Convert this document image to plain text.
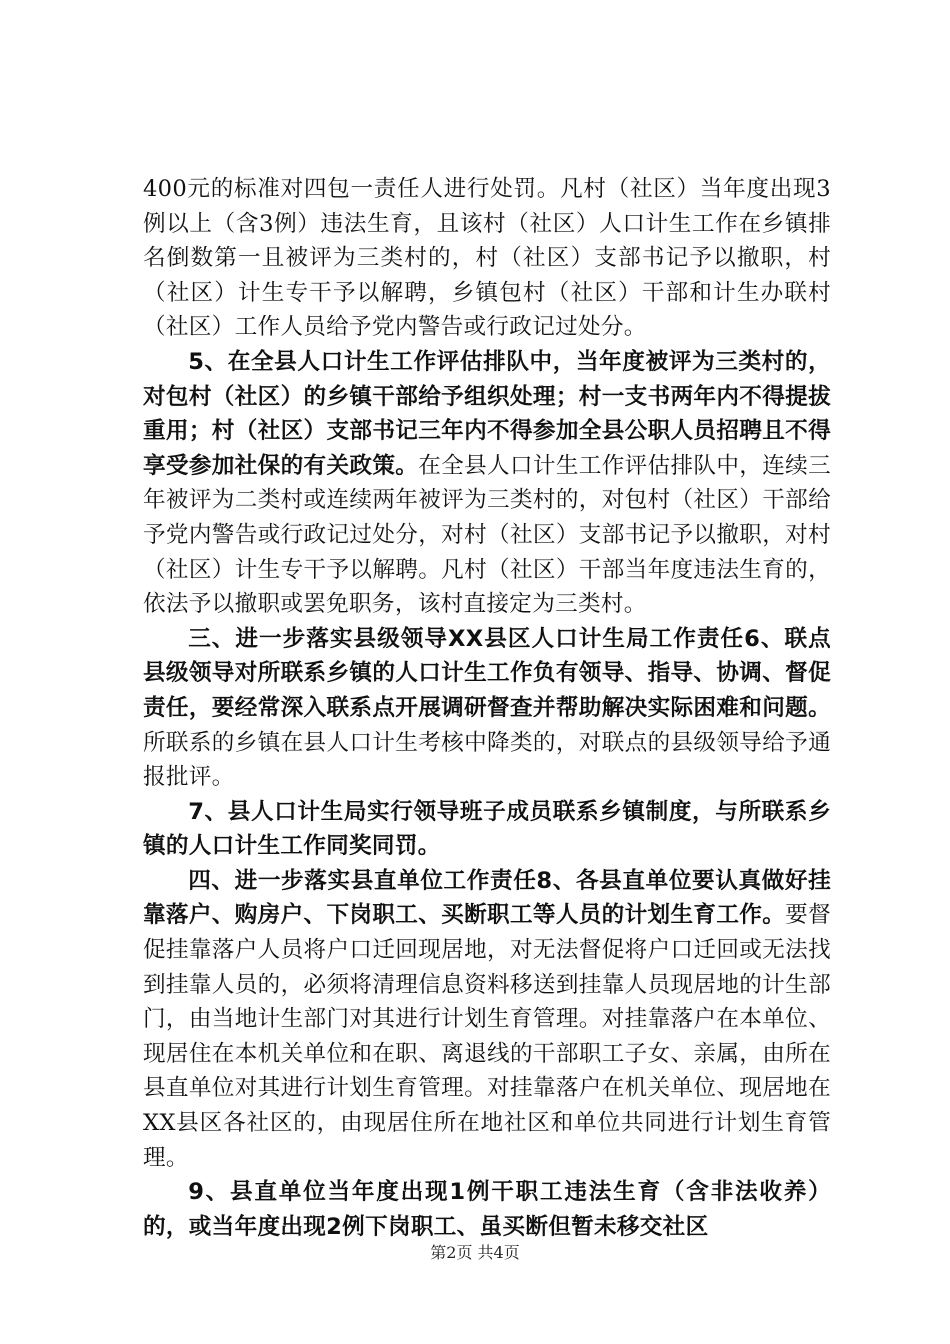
400元的标准对四包一责任人进行处罚。凡村（社区）当年度出现3例以上（含3例）违法生育，且该村（社区）人口计生工作在乡镇排名倒数第一且被评为三类村的，村（社区）支部书记予以撤职，村（社区）计生专干予以解聘，乡镇包村（社区）干部和计生办联村（社区）工作人员给予党内警告或行政记过处分。

5、在全县人口计生工作评估排队中，当年度被评为三类村的，对包村（社区）的乡镇干部给予组织处理；村一支书两年内不得提拔重用；村（社区）支部书记三年内不得参加全县公职人员招聘且不得享受参加社保的有关政策。在全县人口计生工作评估排队中，连续三年被评为二类村或连续两年被评为三类村的，对包村（社区）干部给予党内警告或行政记过处分，对村（社区）支部书记予以撤职，对村（社区）计生专干予以解聘。凡村（社区）干部当年度违法生育的，依法予以撤职或罢免职务，该村直接定为三类村。

三、进一步落实县级领导XX县区人口计生局工作责任6、联点县级领导对所联系乡镇的人口计生工作负有领导、指导、协调、督促责任，要经常深入联系点开展调研督查并帮助解决实际困难和问题。所联系的乡镇在县人口计生考核中降类的，对联点的县级领导给予通报批评。

7、县人口计生局实行领导班子成员联系乡镇制度，与所联系乡镇的人口计生工作同奖同罚。

四、进一步落实县直单位工作责任8、各县直单位要认真做好挂靠落户、购房户、下岗职工、买断职工等人员的计划生育工作。要督促挂靠落户人员将户口迁回现居地，对无法督促将户口迁回或无法找到挂靠人员的，必须将清理信息资料移送到挂靠人员现居地的计生部门，由当地计生部门对其进行计划生育管理。对挂靠落户在本单位、现居住在本机关单位和在职、离退线的干部职工子女、亲属，由所在县直单位对其进行计划生育管理。对挂靠落户在机关单位、现居地在XX县区各社区的，由现居住所在地社区和单位共同进行计划生育管理。

9、县直单位当年度出现1例干职工违法生育（含非法收养）的，或当年度出现2例下岗职工、虽买断但暂未移交社区

第2页 共4页
